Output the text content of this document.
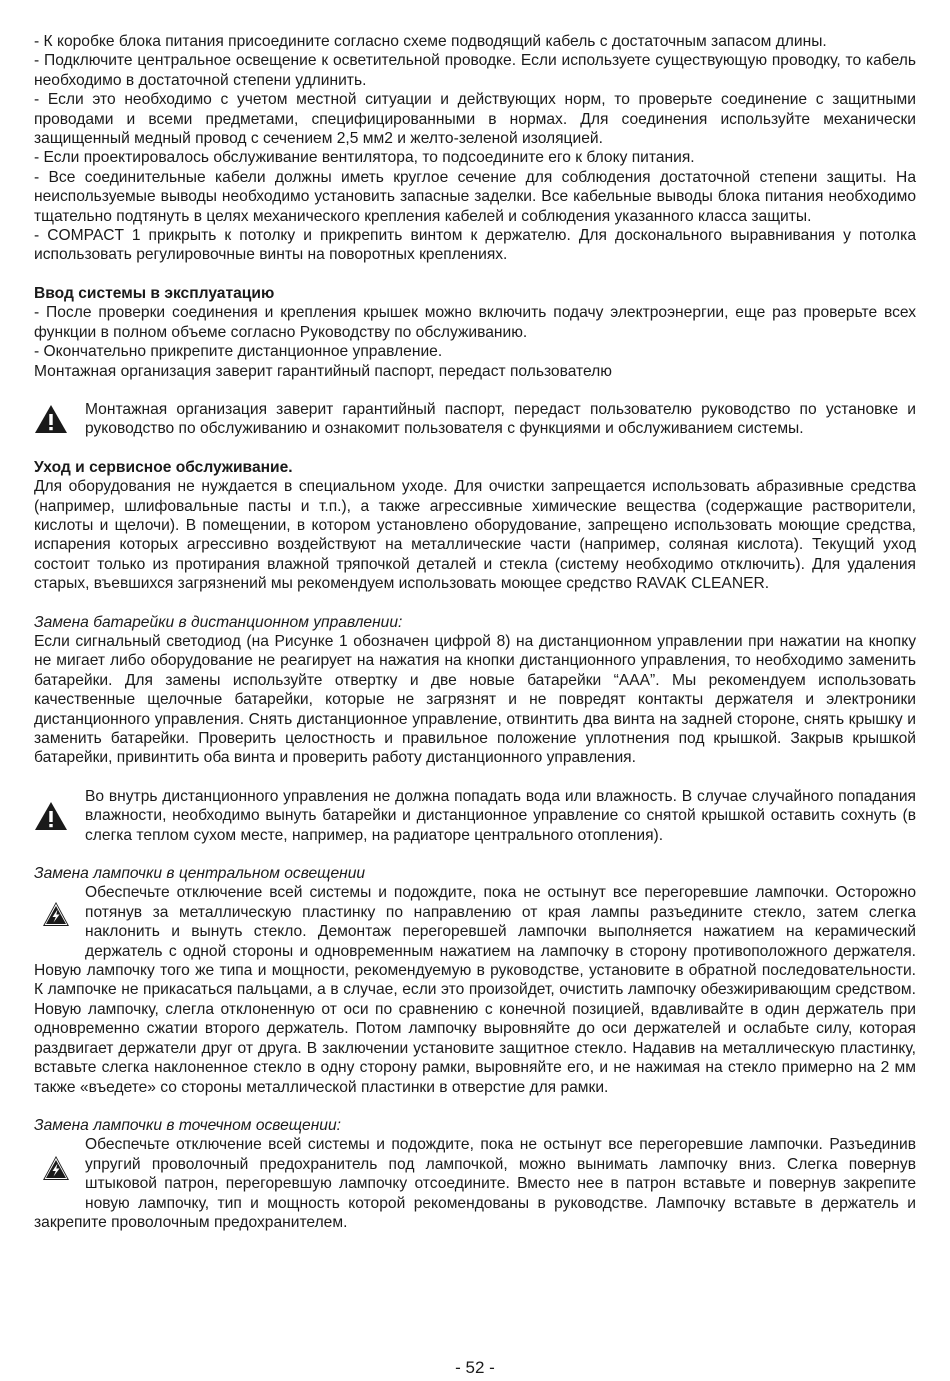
- К коробке блока питания присоедините согласно схеме подводящий кабель с достаточным запасом длины.

- Подключите центральное освещение к осветительной проводке. Если используете существующую проводку, то кабель необходимо в достаточной степени удлинить.

- Если это необходимо с учетом местной ситуации и действующих норм, то проверьте соединение с защитными проводами и всеми предметами, специфицированными в нормах. Для соединения используйте механически защищенный медный провод с сечением 2,5 мм2 и желто-зеленой изоляцией.

- Если проектировалось обслуживание вентилятора, то подсоедините его к блоку питания.

- Все соединительные кабели должны иметь круглое сечение для соблюдения достаточной степени защиты. На неиспользуемые выводы необходимо установить запасные заделки. Все кабельные выводы блока питания необходимо тщательно подтянуть в целях механического крепления кабелей и соблюдения указанного класса защиты.

- COMPACT 1 прикрыть к потолку и прикрепить винтом к держателю. Для досконального выравнивания у потолка использовать регулировочные винты на поворотных креплениях.

Ввод системы в эксплуатацию

- После проверки соединения и крепления крышек можно включить подачу электроэнергии, еще раз проверьте всех функции в полном объеме согласно Руководству по обслуживанию.

- Окончательно прикрепите дистанционное управление.

Монтажная организация заверит гарантийный паспорт, передаст пользователю

Монтажная организация заверит гарантийный паспорт, передаст пользователю руководство по установке и руководство по обслуживанию и ознакомит пользователя с функциями и обслуживанием системы.

Уход и сервисное обслуживание.

Для оборудования не нуждается в специальном уходе. Для очистки запрещается использовать абразивные средства (например, шлифовальные пасты и т.п.), а также агрессивные химические вещества (содержащие растворители, кислоты и щелочи). В помещении, в котором установлено оборудование, запрещено использовать моющие средства, испарения которых агрессивно воздействуют на металлические части (например, соляная кислота). Текущий уход состоит только из протирания влажной тряпочкой деталей и стекла (систему необходимо отключить). Для удаления старых, въевшихся загрязнений мы рекомендуем использовать моющее средство RAVAK CLEANER.

Замена батарейки в дистанционном управлении:

Если сигнальный светодиод (на Рисунке 1 обозначен цифрой 8) на дистанционном управлении при нажатии на кнопку не мигает либо оборудование не реагирует на нажатия на кнопки дистанционного управления, то необходимо заменить батарейки. Для замены используйте отвертку и две новые батарейки “AAA”. Мы рекомендуем использовать качественные щелочные батарейки, которые не загрязнят и не повредят контакты держателя и электроники дистанционного управления. Снять дистанционное управление, отвинтить два винта на задней стороне, снять крышку и заменить батарейки. Проверить целостность и правильное положение уплотнения под крышкой. Закрыв крышкой батарейки, привинтить оба винта и проверить работу дистанционного управления.

Во внутрь дистанционного управления не должна попадать вода или влажность. В случае случайного попадания влажности, необходимо вынуть батарейки и дистанционное управление со снятой крышкой оставить сохнуть (в слегка теплом сухом месте, например, на радиаторе центрального отопления).

Замена лампочки в центральном освещении

Обеспечьте отключение всей системы и подождите, пока не остынут все перегоревшие лампочки. Осторожно потянув за металлическую пластинку по направлению от края лампы разъедините стекло, затем слегка наклонить и вынуть стекло. Демонтаж перегоревшей лампочки выполняется нажатием на керамический держатель с одной стороны и одновременным нажатием на лампочку в сторону противоположного держателя. Новую лампочку того же типа и мощности, рекомендуемую в руководстве, установите в обратной последовательности. К лампочке не прикасаться пальцами, а в случае, если это произойдет, очистить лампочку обезжиривающим средством. Новую лампочку, слегла отклоненную от оси по сравнению с конечной позицией, вдавливайте в один держатель при одновременно сжатии второго держатель. Потом лампочку выровняйте до оси держателей и ослабьте силу, которая раздвигает держатели друг от друга. В заключении установите защитное стекло. Надавив на металлическую пластинку, вставьте слегка наклоненное стекло в одну сторону рамки, выровняйте его, и не нажимая на стекло примерно на 2 мм также «въедете» со стороны металлической пластинки в отверстие для рамки.

Замена лампочки в точечном освещении:

Обеспечьте отключение всей системы и подождите, пока не остынут все перегоревшие лампочки. Разъединив упругий проволочный предохранитель под лампочкой, можно вынимать лампочку вниз. Слегка повернув штыковой патрон, перегоревшую лампочку отсоедините. Вместо нее в патрон вставьте и повернув закрепите новую лампочку, тип и мощность которой рекомендованы в руководстве. Лампочку вставьте в держатель и закрепите проволочным предохранителем.

- 52 -
